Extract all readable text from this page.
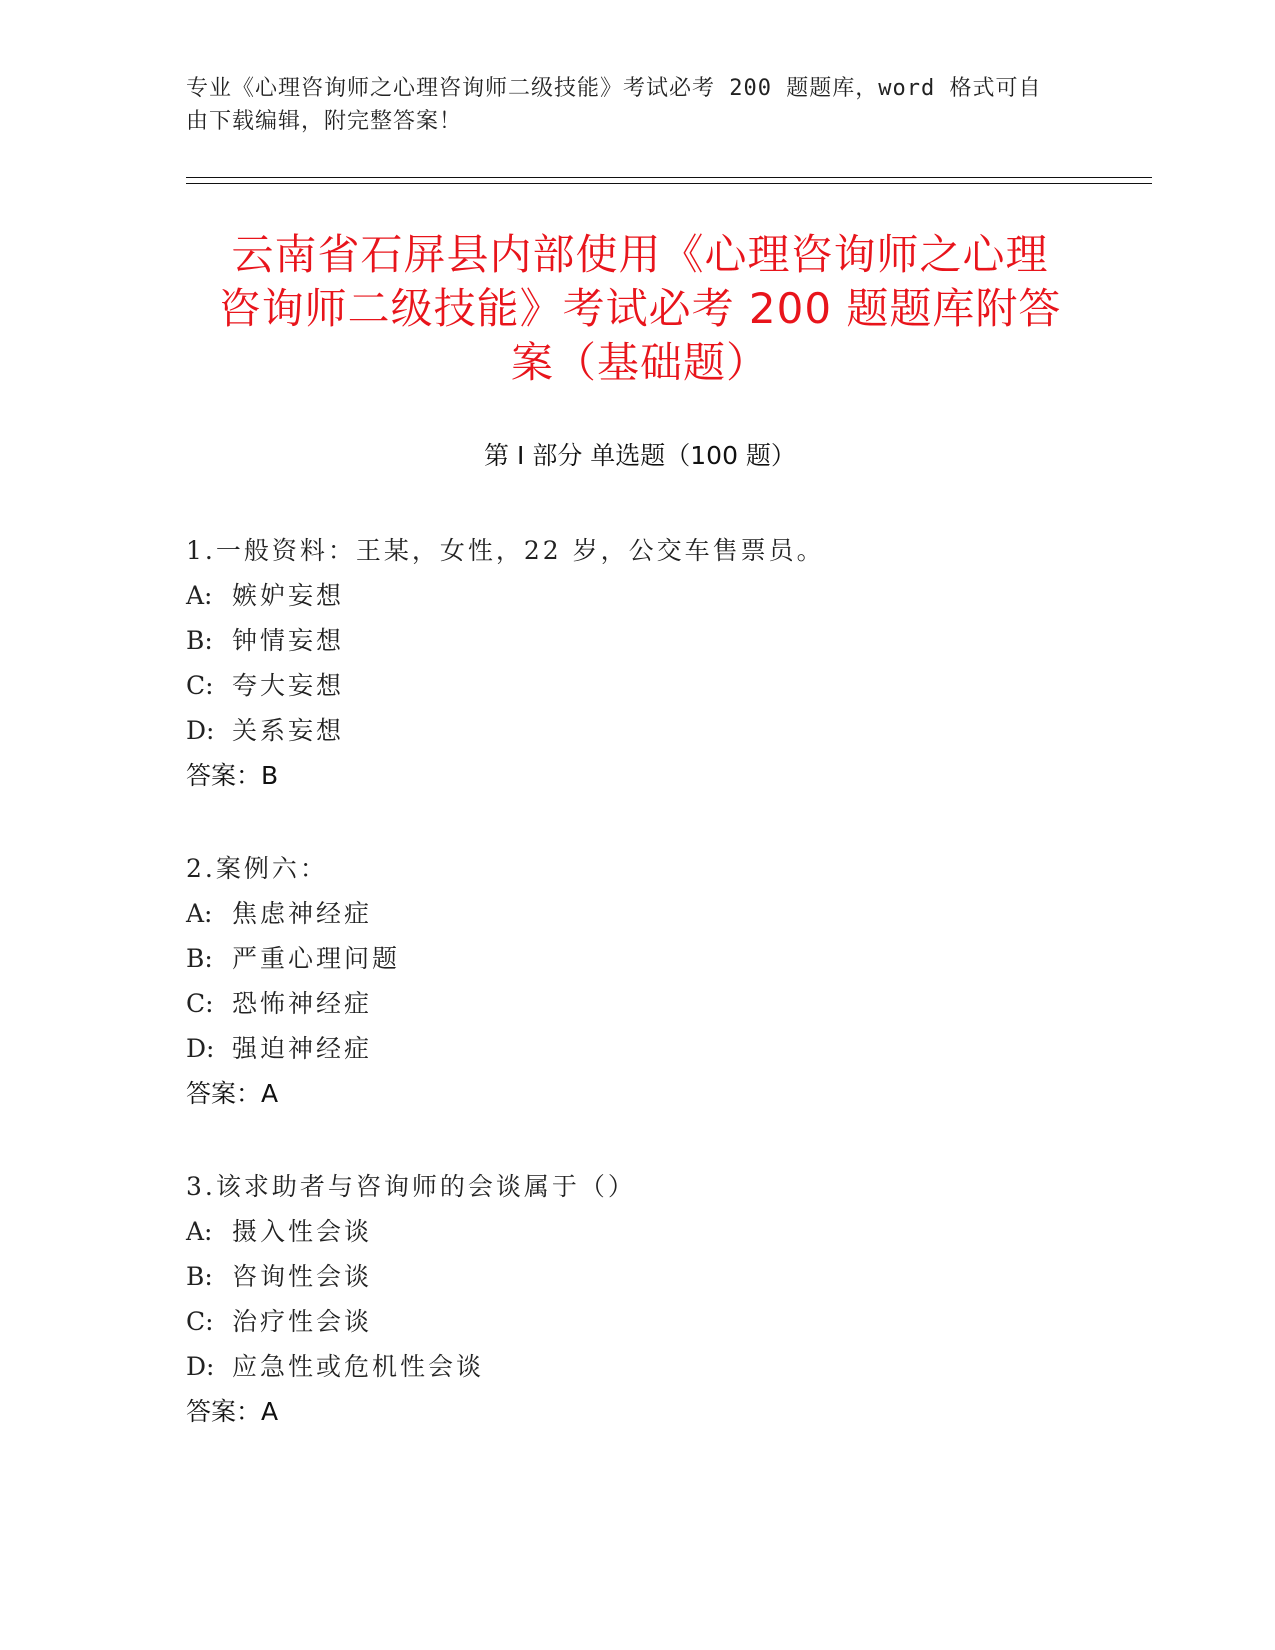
专业《心理咨询师之心理咨询师二级技能》考试必考 200 题题库，word 格式可自
由下载编辑，附完整答案！
云南省石屏县内部使用《心理咨询师之心理
咨询师二级技能》考试必考 200 题题库附答
案（基础题）
第 I 部分 单选题（100 题）
1.一般资料：王某，女性，22 岁，公交车售票员。
A: 嫉妒妄想
B: 钟情妄想
C: 夸大妄想
D: 关系妄想
答案：B
2.案例六：
A: 焦虑神经症
B: 严重心理问题
C: 恐怖神经症
D: 强迫神经症
答案：A
3.该求助者与咨询师的会谈属于（）
A: 摄入性会谈
B: 咨询性会谈
C: 治疗性会谈
D: 应急性或危机性会谈
答案：A
